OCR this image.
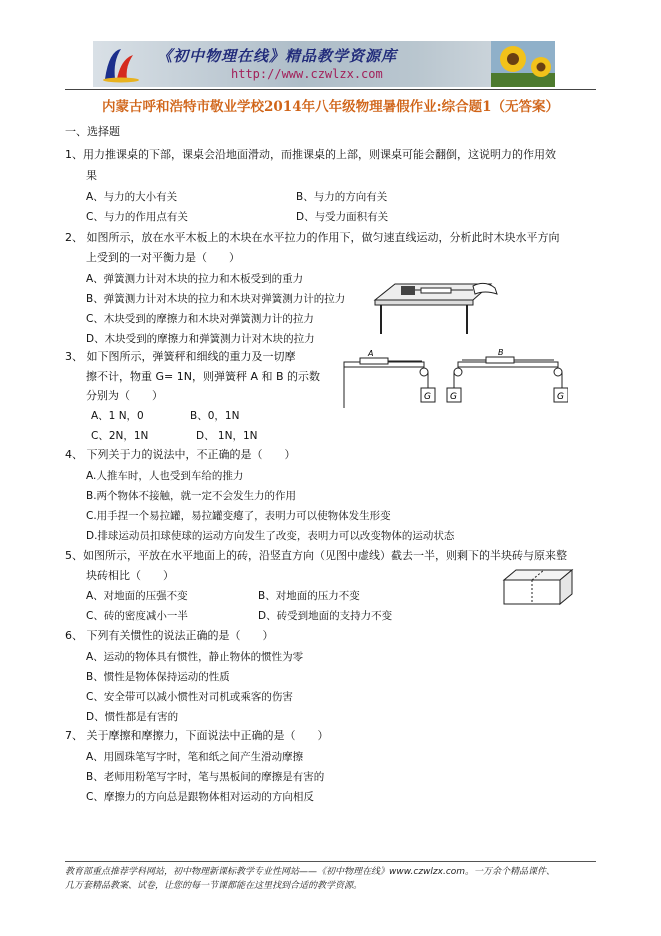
《初中物理在线》精品教学资源库
http://www.czwlzx.com
内蒙古呼和浩特市敬业学校2014年八年级物理暑假作业:综合题1（无答案）
一、选择题
1、用力推课桌的下部，课桌会沿地面滑动，而推课桌的上部，则课桌可能会翻倒，这说明力的作用效
果
A、与力的大小有关	B、与力的方向有关
C、与力的作用点有关	D、与受力面积有关
2、 如图所示，放在水平木板上的木块在水平拉力的作用下，做匀速直线运动，分析此时木块水平方向
上受到的一对平衡力是（　　）
A、弹簧测力计对木块的拉力和木板受到的重力
B、弹簧测力计对木块的拉力和木块对弹簧测力计的拉力
C、木块受到的摩擦力和木块对弹簧测力计的拉力
D、木块受到的摩擦力和弹簧测力计对木块的拉力
3、 如下图所示，弹簧秤和细线的重力及一切摩
擦不计，物重 G= 1N，则弹簧秤 A 和 B 的示数
分别为（　　）
A、1 N，0	B、0，1N
C、2N，1N	D、 1N，1N
A
G G	G
B
4、 下列关于力的说法中，不正确的是（　　）
A.人推车时，人也受到车给的推力
B.两个物体不接触，就一定不会发生力的作用
C.用手捏一个易拉罐，易拉罐变瘪了，表明力可以使物体发生形变
D.排球运动员扣球使球的运动方向发生了改变，表明力可以改变物体的运动状态
5、如图所示，平放在水平地面上的砖，沿竖直方向（见图中虚线）截去一半，则剩下的半块砖与原来整
块砖相比（　　）
A、对地面的压强不变	B、对地面的压力不变
C、砖的密度减小一半	D、砖受到地面的支持力不变
6、 下列有关惯性的说法正确的是（　　）
A、运动的物体具有惯性，静止物体的惯性为零
B、惯性是物体保持运动的性质
C、安全带可以减小惯性对司机或乘客的伤害
D、惯性都是有害的
7、 关于摩擦和摩擦力，下面说法中正确的是（　　）
A、用圆珠笔写字时，笔和纸之间产生滑动摩擦
B、老师用粉笔写字时，笔与黑板间的摩擦是有害的
C、摩擦力的方向总是跟物体相对运动的方向相反
教育部重点推荐学科网站，初中物理新课标教学专业性网站——《初中物理在线》www.czwlzx.com。一万余个精品课件、
几万套精品教案、试卷，让您的每一节课都能在这里找到合适的教学资源。
